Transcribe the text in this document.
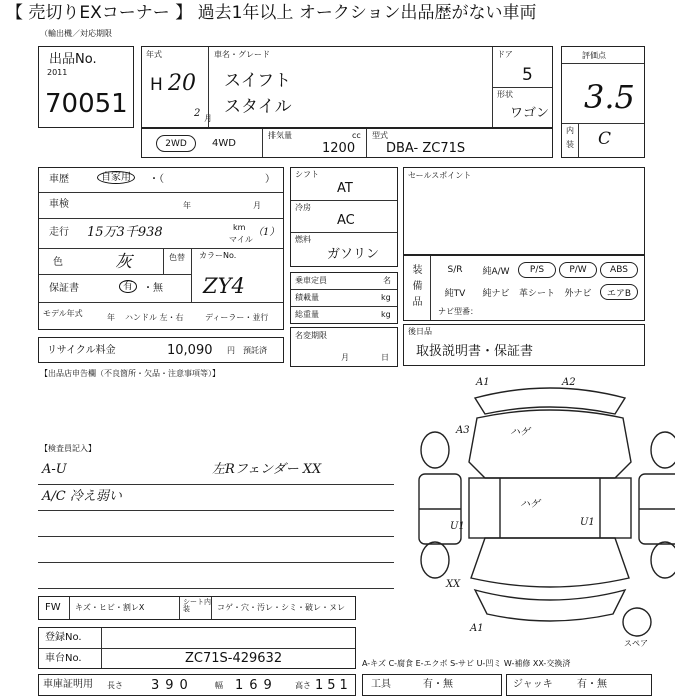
【 売切りEXコーナー 】 過去1年以上 オークション出品歴がない車両
（輸出機／対応期限
出品No.
2011
70051
年式
H 20
2 月
車名・グレード
スイフト
スタイル
ドア
5
形状
ワゴン
評価点
3.5
内
装 C
2WD	4WD
排気量	cc
1200
型式
DBA- ZC71S
車歴	自家用	・（	）
車検	年	月
走行 15万3千938	km
マイル
（1）
色	灰	色替 カラーNo.
ZY4
保証書	有	・無
モデル年式	年 ハンドル 左・右	ディーラー・並行
リサイクル料金	10,090 円 預託済
シフト
AT
冷房
AC
燃料
ガソリン
乗車定員	名
積載量	kg
総重量	kg
名変期限
月	日
セールスポイント
装備品	S/R	純A/W	P/S	P/W	ABS
純TV	純ナビ	革シート	外ナビ	エアB
ナビ型番：
後日品
取扱説明書・保証書
【出品店申告欄（不良箇所・欠品・注意事項等）】
【検査員記入】
A-U
A/C 冷え弱い
左Rフェンダー XX
A1	A2
A3	ハゲ
ハゲ
U1	U1
XX
A1
スペア
FW キズ・ヒビ・割レX
シート内装	コゲ・穴・汚レ・シミ・破レ・ヌレ
登録No.
車台No.	ZC71S-429632	A-キズ C-腐食 E-エクボ S-サビ U-凹ミ W-補修 XX-交換済
車庫証明用 長さ 390	幅 169 高さ 151 工具	有・無	ジャッキ 有・無
